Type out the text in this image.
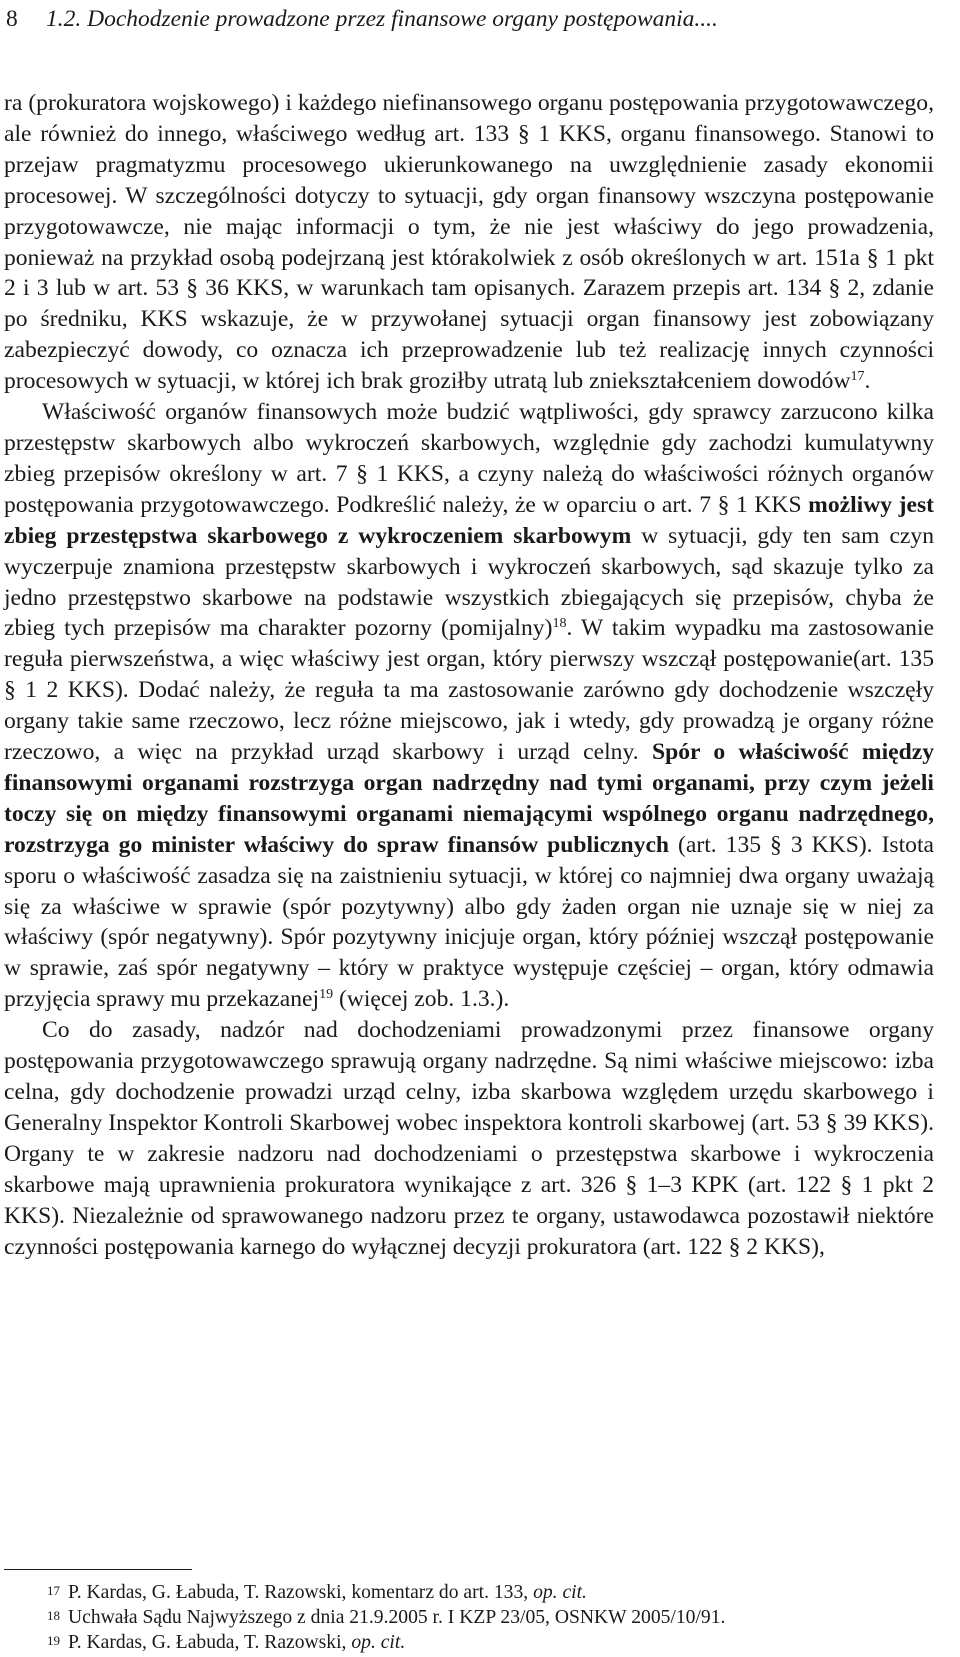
8 1.2. Dochodzenie prowadzone przez finansowe organy postępowania....

ra (prokuratora wojskowego) i każdego niefinansowego organu postępowania przygotowawczego, ale również do innego, właściwego według art. 133 § 1 KKS, organu finansowego. Stanowi to przejaw pragmatyzmu procesowego ukierunkowanego na uwzględnienie zasady ekonomii procesowej. W szczególności dotyczy to sytuacji, gdy organ finansowy wszczyna postępowanie przygotowawcze, nie mając informacji o tym, że nie jest właściwy do jego prowadzenia, ponieważ na przykład osobą podejrzaną jest którakolwiek z osób określonych w art. 151a § 1 pkt 2 i 3 lub w art. 53 § 36 KKS, w warunkach tam opisanych. Zarazem przepis art. 134 § 2, zdanie po średniku, KKS wskazuje, że w przywołanej sytuacji organ finansowy jest zobowiązany zabezpieczyć dowody, co oznacza ich przeprowadzenie lub też realizację innych czynności procesowych w sytuacji, w której ich brak groziłby utratą lub zniekształceniem dowodów$^{17}$.

Właściwość organów finansowych może budzić wątpliwości, gdy sprawcy zarzucono kilka przestępstw skarbowych albo wykroczeń skarbowych, względnie gdy zachodzi kumulatywny zbieg przepisów określony w art. 7 § 1 KKS, a czyny należą do właściwości różnych organów postępowania przygotowawczego. Podkreślić należy, że w oparciu o art. 7 § 1 KKS możliwy jest zbieg przestępstwa skarbowego z wykroczeniem skarbowym w sytuacji, gdy ten sam czyn wyczerpuje znamiona przestępstw skarbowych i wykroczeń skarbowych, sąd skazuje tylko za jedno przestępstwo skarbowe na podstawie wszystkich zbiegających się przepisów, chyba że zbieg tych przepisów ma charakter pozorny (pomijalny)$^{18}$. W takim wypadku ma zastosowanie reguła pierwszeństwa, a więc właściwy jest organ, który pierwszy wszczął postępowanie(art. 135 § 1 2 KKS). Dodać należy, że reguła ta ma zastosowanie zarówno gdy dochodzenie wszczęły organy takie same rzeczowo, lecz różne miejscowo, jak i wtedy, gdy prowadzą je organy różne rzeczowo, a więc na przykład urząd skarbowy i urząd celny. Spór o właściwość między finansowymi organami rozstrzyga organ nadrzędny nad tymi organami, przy czym jeżeli toczy się on między finansowymi organami niemającymi wspólnego organu nadrzędnego, rozstrzyga go minister właściwy do spraw finansów publicznych (art. 135 § 3 KKS). Istota sporu o właściwość zasadza się na zaistnieniu sytuacji, w której co najmniej dwa organy uważają się za właściwe w sprawie (spór pozytywny) albo gdy żaden organ nie uznaje się w niej za właściwy (spór negatywny). Spór pozytywny inicjuje organ, który później wszczął postępowanie w sprawie, zaś spór negatywny – który w praktyce występuje częściej – organ, który odmawia przyjęcia sprawy mu przekazanej$^{19}$ (więcej zob. 1.3.).

Co do zasady, nadzór nad dochodzeniami prowadzonymi przez finansowe organy postępowania przygotowawczego sprawują organy nadrzędne. Są nimi właściwe miejscowo: izba celna, gdy dochodzenie prowadzi urząd celny, izba skarbowa względem urzędu skarbowego i Generalny Inspektor Kontroli Skarbowej wobec inspektora kontroli skarbowej (art. 53 § 39 KKS). Organy te w zakresie nadzoru nad dochodzeniami o przestępstwa skarbowe i wykroczenia skarbowe mają uprawnienia prokuratora wynikające z art. 326 § 1–3 KPK (art. 122 § 1 pkt 2 KKS). Niezależnie od sprawowanego nadzoru przez te organy, ustawodawca pozostawił niektóre czynności postępowania karnego do wyłącznej decyzji prokuratora (art. 122 § 2 KKS),

17 P. Kardas, G. Łabuda, T. Razowski, komentarz do art. 133, op. cit.
18 Uchwała Sądu Najwyższego z dnia 21.9.2005 r. I KZP 23/05, OSNKW 2005/10/91.
19 P. Kardas, G. Łabuda, T. Razowski, op. cit.
